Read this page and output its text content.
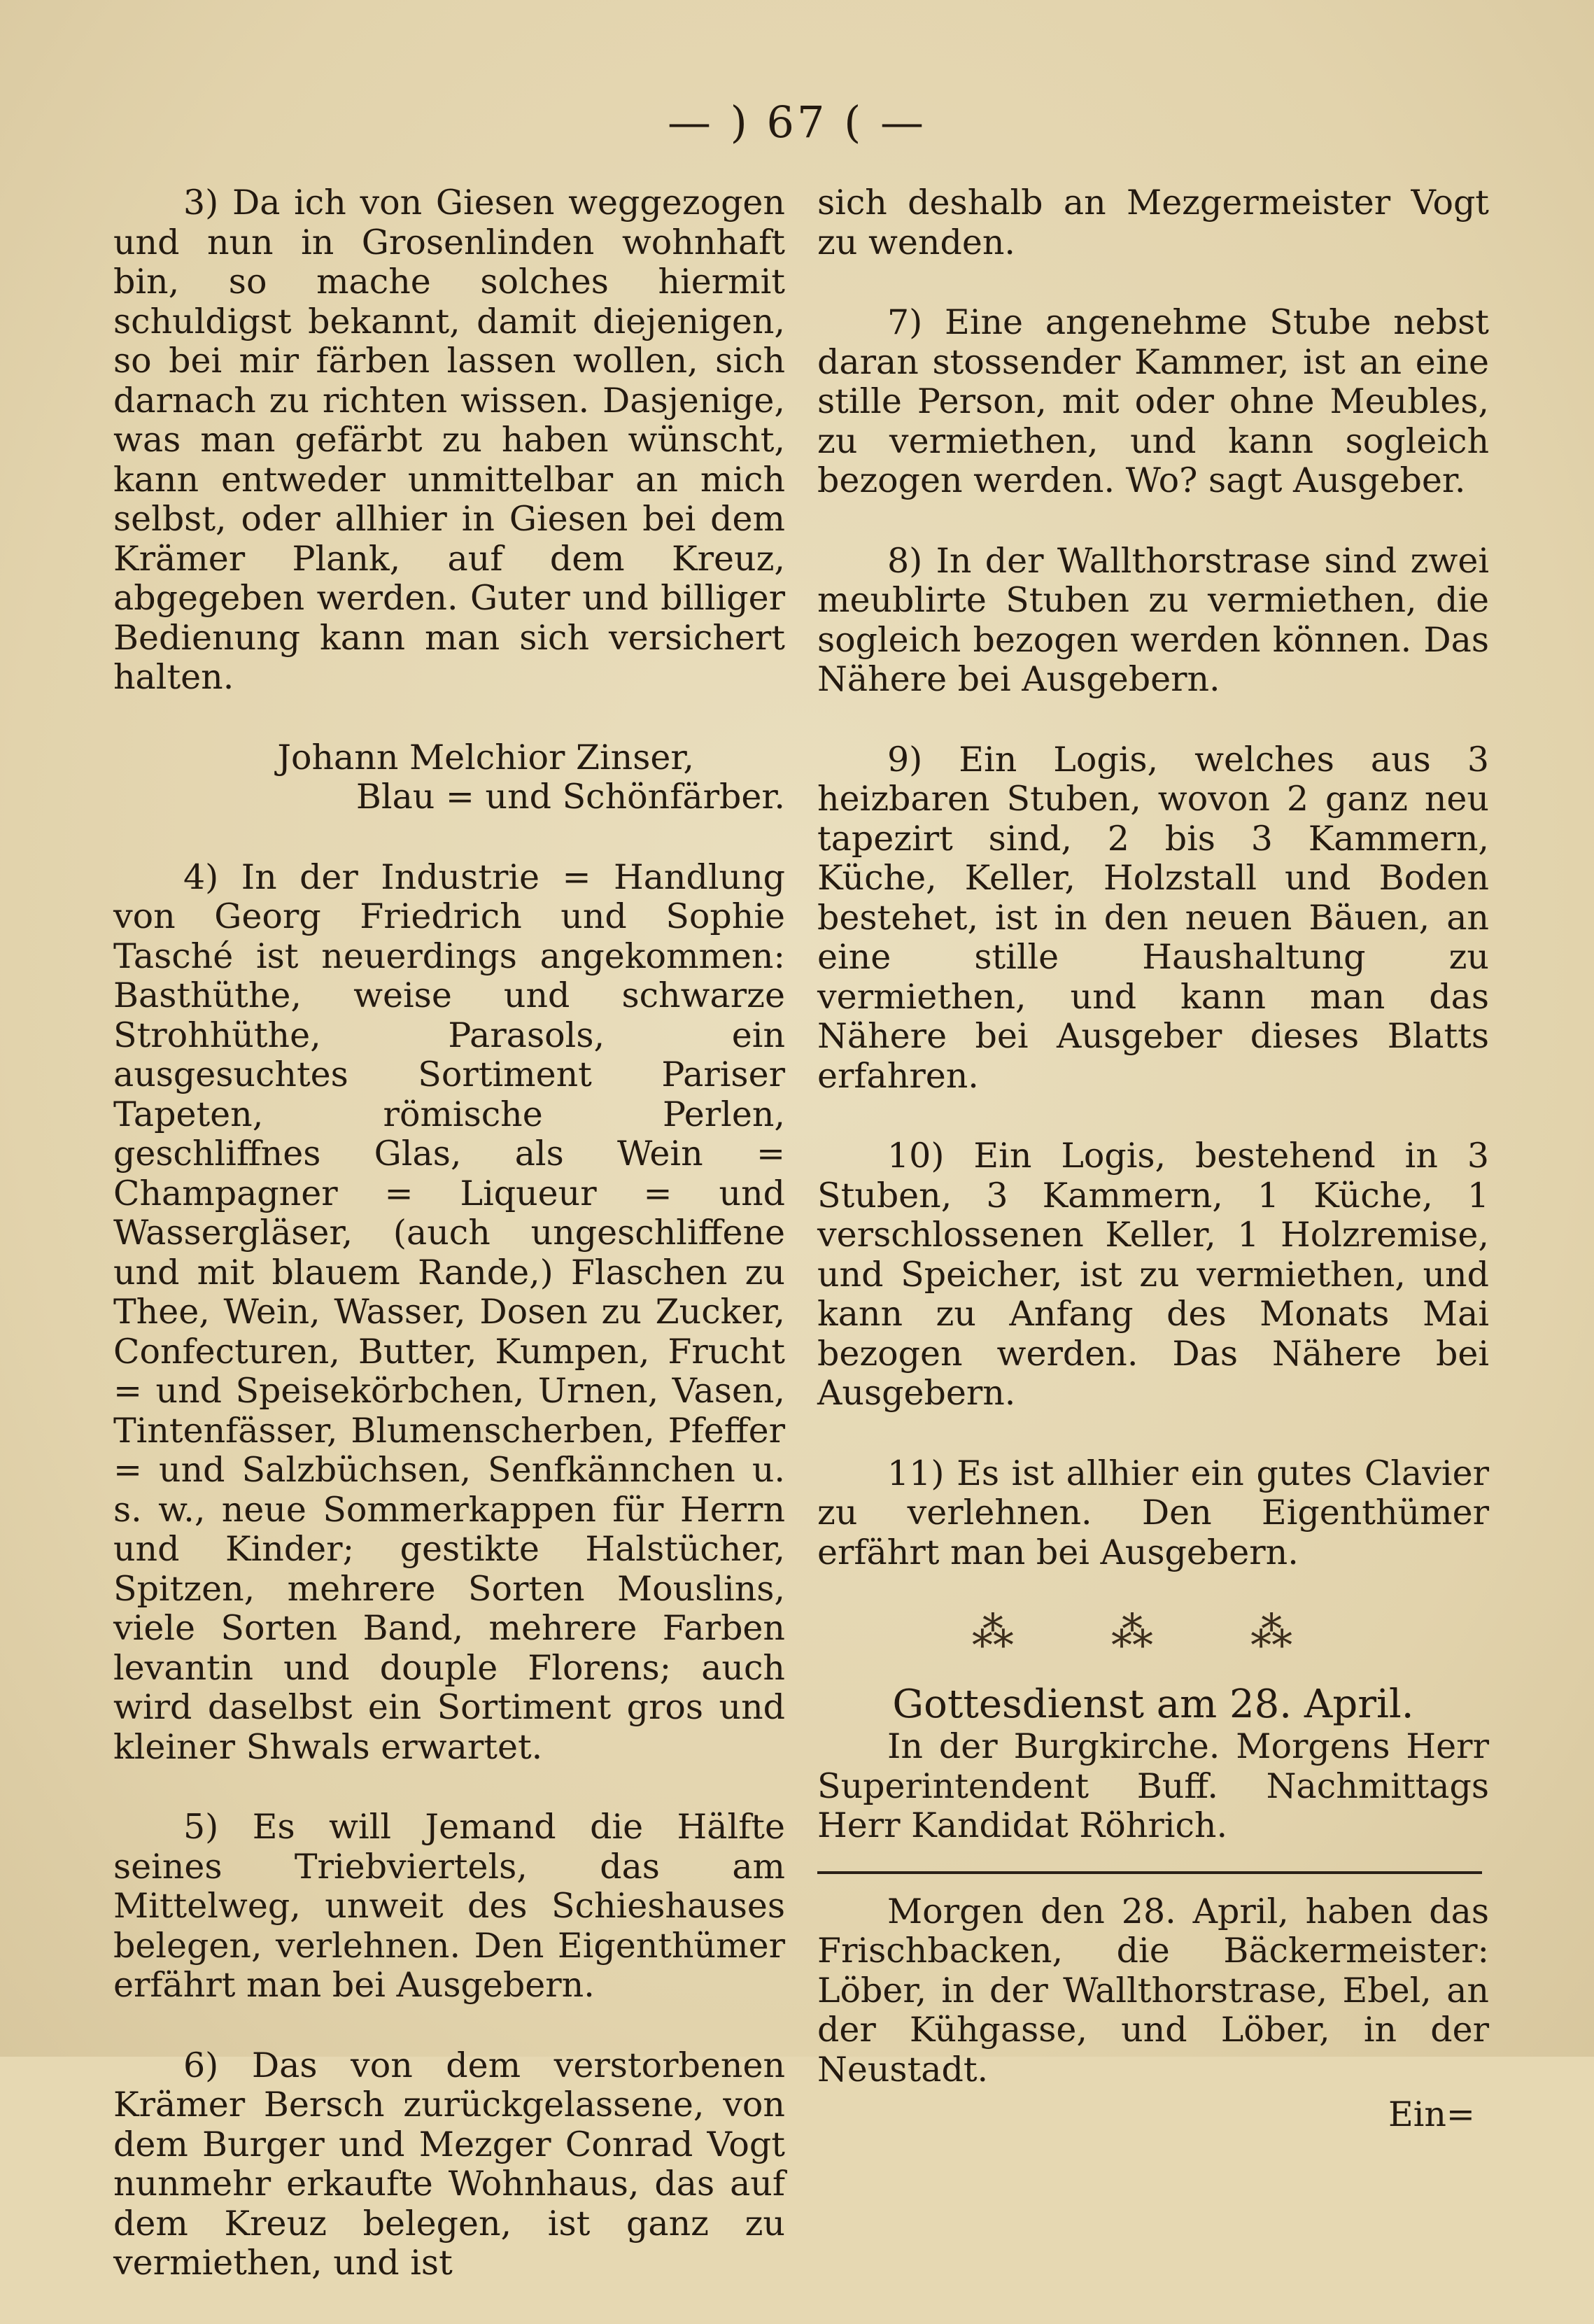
— ) 67 ( —

3) Da ich von Giesen weggezogen und nun in Grosenlinden wohnhaft bin, so mache solches hiermit schuldigst bekannt, damit diejenigen, so bei mir färben lassen wollen, sich darnach zu richten wissen. Dasjenige, was man gefärbt zu haben wünscht, kann entweder unmittelbar an mich selbst, oder allhier in Giesen bei dem Krämer Plank, auf dem Kreuz, abgegeben werden. Guter und billiger Bedienung kann man sich versichert halten.

Johann Melchior Zinser,
Blau = und Schönfärber.

4) In der Industrie = Handlung von Georg Friedrich und Sophie Tasché ist neuerdings angekommen: Basthüthe, weise und schwarze Strohhüthe, Parasols, ein ausgesuchtes Sortiment Pariser Tapeten, römische Perlen, geschliffnes Glas, als Wein = Champagner = Liqueur = und Wassergläser, (auch ungeschliffene und mit blauem Rande,) Flaschen zu Thee, Wein, Wasser, Dosen zu Zucker, Confecturen, Butter, Kumpen, Frucht = und Speisekörbchen, Urnen, Vasen, Tintenfässer, Blumenscherben, Pfeffer = und Salzbüchsen, Senfkännchen u. s. w., neue Sommerkappen für Herrn und Kinder; gestikte Halstücher, Spitzen, mehrere Sorten Mouslins, viele Sorten Band, mehrere Farben levantin und douple Florens; auch wird daselbst ein Sortiment gros und kleiner Shwals erwartet.

5) Es will Jemand die Hälfte seines Triebviertels, das am Mittelweg, unweit des Schieshauses belegen, verlehnen. Den Eigenthümer erfährt man bei Ausgebern.

6) Das von dem verstorbenen Krämer Bersch zurückgelassene, von dem Burger und Mezger Conrad Vogt nunmehr erkaufte Wohnhaus, das auf dem Kreuz belegen, ist ganz zu vermiethen, und ist

sich deshalb an Mezgermeister Vogt zu wenden.

7) Eine angenehme Stube nebst daran stossender Kammer, ist an eine stille Person, mit oder ohne Meubles, zu vermiethen, und kann sogleich bezogen werden. Wo? sagt Ausgeber.

8) In der Wallthorstrase sind zwei meublirte Stuben zu vermiethen, die sogleich bezogen werden können. Das Nähere bei Ausgebern.

9) Ein Logis, welches aus 3 heizbaren Stuben, wovon 2 ganz neu tapezirt sind, 2 bis 3 Kammern, Küche, Keller, Holzstall und Boden bestehet, ist in den neuen Bäuen, an eine stille Haushaltung zu vermiethen, und kann man das Nähere bei Ausgeber dieses Blatts erfahren.

10) Ein Logis, bestehend in 3 Stuben, 3 Kammern, 1 Küche, 1 verschlossenen Keller, 1 Holzremise, und Speicher, ist zu vermiethen, und kann zu Anfang des Monats Mai bezogen werden. Das Nähere bei Ausgebern.

11) Es ist allhier ein gutes Clavier zu verlehnen. Den Eigenthümer erfährt man bei Ausgebern.

⁂ ⁂ ⁂
Gottesdienst am 28. April.

In der Burgkirche. Morgens Herr Superintendent Buff. Nachmittags Herr Kandidat Röhrich.

Morgen den 28. April, haben das Frischbacken, die Bäckermeister: Löber, in der Wallthorstrase, Ebel, an der Kühgasse, und Löber, in der Neustadt.

Ein=
